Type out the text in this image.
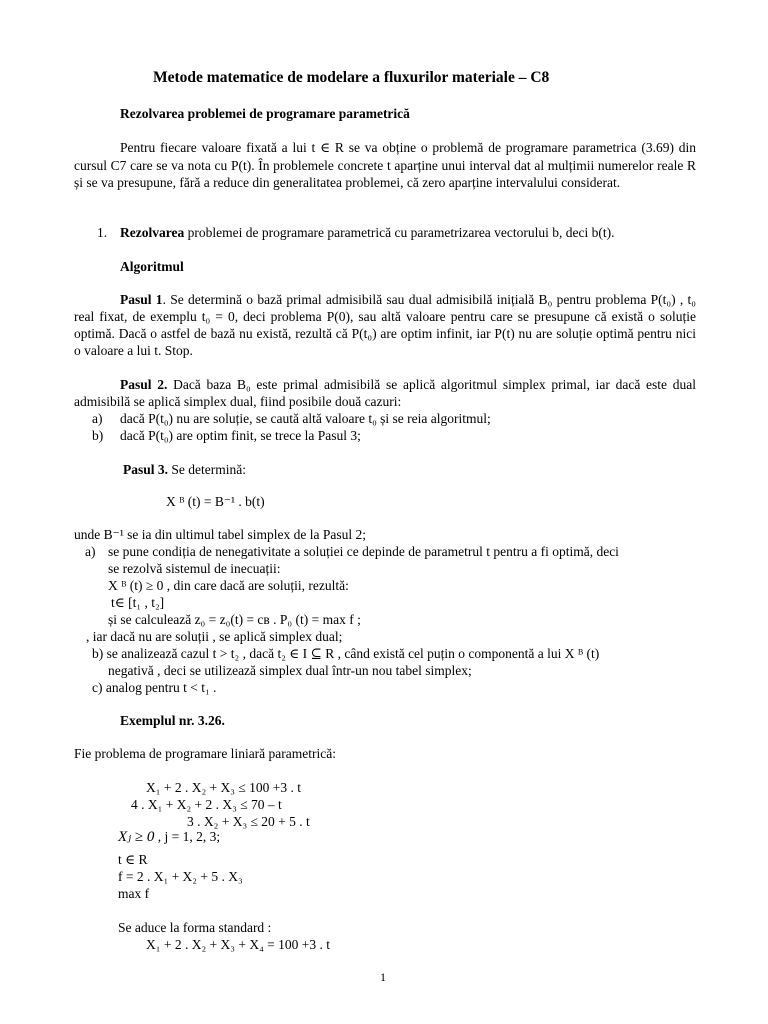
Metode matematice de modelare a fluxurilor materiale – C8
Rezolvarea problemei de programare parametrică

Pentru fiecare valoare fixată a lui t ∈ R se va obține o problemă de programare parametrica (3.69) din cursul C7 care se va nota cu P(t). În problemele concrete t aparține unui interval dat al mulțimii numerelor reale R și se va presupune, fără a reduce din generalitatea problemei, că zero aparține intervalului considerat.

1. Rezolvarea problemei de programare parametrică cu parametrizarea vectorului b, deci b(t).
Algoritmul

Pasul 1. Se determină o bază primal admisibilă sau dual admisibilă inițială B₀ pentru problema P(t₀) , t₀ real fixat, de exemplu t₀ = 0, deci problema P(0), sau altă valoare pentru care se presupune că există o soluție optimă. Dacă o astfel de bază nu există, rezultă că P(t₀) are optim infinit, iar P(t) nu are soluție optimă pentru nici o valoare a lui t. Stop.

Pasul 2. Dacă baza B₀ este primal admisibilă se aplică algoritmul simplex primal, iar dacă este dual admisibilă se aplică simplex dual, fiind posibile două cazuri:

a) dacă P(t₀) nu are soluție, se caută altă valoare t₀ și se reia algoritmul;
b) dacă P(t₀) are optim finit, se trece la Pasul 3;
Pasul 3. Se determină:
X ᴮ (t) = B⁻¹ . b(t)
unde B⁻¹ se ia din ultimul tabel simplex de la Pasul 2;
a) se pune condiția de nenegativitate a soluției ce depinde de parametrul t pentru a fi optimă, deci
se rezolvă sistemul de inecuații:
X ᴮ (t) ≥ 0 , din care dacă are soluții, rezultă:
t∈ [t₁ , t₂]
și se calculează z₀ = z₀(t) = cʙ . P₀ (t) = max f ;
, iar dacă nu are soluții , se aplică simplex dual;
b) se analizează cazul t > t₂ , dacă t₂ ∈ I ⊆ R , când există cel puțin o componentă a lui X ᴮ (t)
negativă , deci se utilizează simplex dual într-un nou tabel simplex;
c) analog pentru t < t₁ .
Exemplul nr. 3.26.
Fie problema de programare liniară parametrică:
X₁ + 2 . X₂ + X₃ ≤ 100 +3 . t
4 . X₁ + X₂ + 2 . X₃ ≤ 70 – t
3 . X₂ + X₃ ≤ 20 + 5 . t
Xⱼ ≥ 0 , j = 1, 2, 3;
t ∈ R
f = 2 . X₁ + X₂ + 5 . X₃
max f
Se aduce la forma standard :
X₁ + 2 . X₂ + X₃ + X₄ = 100 +3 . t
1
